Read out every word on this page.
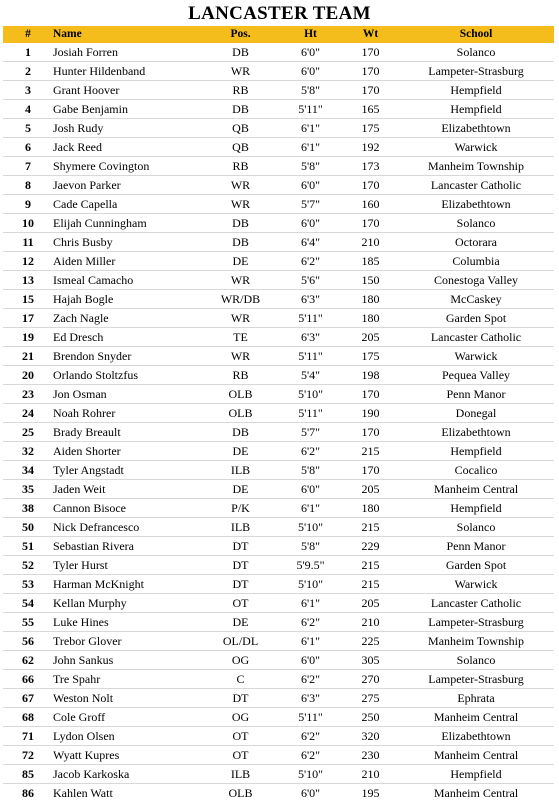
LANCASTER TEAM
#	Name	Pos.	Ht	Wt	School
1	Josiah Forren	DB	6'0"	170	Solanco
2	Hunter Hildenband	WR	6'0"	170	Lampeter-Strasburg
3	Grant Hoover	RB	5'8"	170	Hempfield
4	Gabe Benjamin	DB	5'11"	165	Hempfield
5	Josh Rudy	QB	6'1"	175	Elizabethtown
6	Jack Reed	QB	6'1"	192	Warwick
7	Shymere Covington	RB	5'8"	173	Manheim Township
8	Jaevon Parker	WR	6'0"	170	Lancaster Catholic
9	Cade Capella	WR	5'7"	160	Elizabethtown
10	Elijah Cunningham	DB	6'0"	170	Solanco
11	Chris Busby	DB	6'4"	210	Octorara
12	Aiden Miller	DE	6'2"	185	Columbia
13	Ismeal Camacho	WR	5'6"	150	Conestoga Valley
15	Hajah Bogle	WR/DB	6'3"	180	McCaskey
17	Zach Nagle	WR	5'11"	180	Garden Spot
19	Ed Dresch	TE	6'3"	205	Lancaster Catholic
21	Brendon Snyder	WR	5'11"	175	Warwick
20	Orlando Stoltzfus	RB	5'4"	198	Pequea Valley
23	Jon Osman	OLB	5'10"	170	Penn Manor
24	Noah Rohrer	OLB	5'11"	190	Donegal
25	Brady Breault	DB	5'7"	170	Elizabethtown
32	Aiden Shorter	DE	6'2"	215	Hempfield
34	Tyler Angstadt	ILB	5'8"	170	Cocalico
35	Jaden Weit	DE	6'0"	205	Manheim Central
38	Cannon Bisoce	P/K	6'1"	180	Hempfield
50	Nick Defrancesco	ILB	5'10"	215	Solanco
51	Sebastian Rivera	DT	5'8"	229	Penn Manor
52	Tyler Hurst	DT	5'9.5"	215	Garden Spot
53	Harman McKnight	DT	5'10"	215	Warwick
54	Kellan Murphy	OT	6'1"	205	Lancaster Catholic
55	Luke Hines	DE	6'2"	210	Lampeter-Strasburg
56	Trebor Glover	OL/DL	6'1"	225	Manheim Township
62	John Sankus	OG	6'0"	305	Solanco
66	Tre Spahr	C	6'2"	270	Lampeter-Strasburg
67	Weston Nolt	DT	6'3"	275	Ephrata
68	Cole Groff	OG	5'11"	250	Manheim Central
71	Lydon Olsen	OT	6'2"	320	Elizabethtown
72	Wyatt Kupres	OT	6'2"	230	Manheim Central
85	Jacob Karkoska	ILB	5'10"	210	Hempfield
86	Kahlen Watt	OLB	6'0"	195	Manheim Central
